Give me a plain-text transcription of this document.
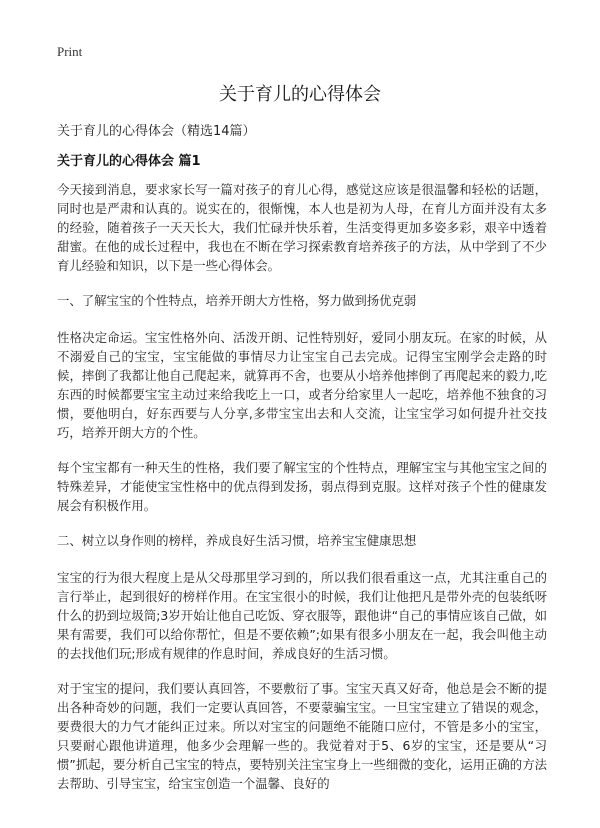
Print
关于育儿的心得体会
关于育儿的心得体会（精选14篇）
关于育儿的心得体会 篇1

今天接到消息，要求家长写一篇对孩子的育儿心得，感觉这应该是很温馨和轻松的话题，同时也是严肃和认真的。说实在的，很惭愧，本人也是初为人母，在育儿方面并没有太多的经验，随着孩子一天天长大，我们忙碌并快乐着，生活变得更加多姿多彩，艰辛中透着甜蜜。在他的成长过程中，我也在不断在学习探索教育培养孩子的方法，从中学到了不少育儿经验和知识，以下是一些心得体会。

一、了解宝宝的个性特点，培养开朗大方性格，努力做到扬优克弱

性格决定命运。宝宝性格外向、活泼开朗、记性特别好，爱同小朋友玩。在家的时候，从不溺爱自己的宝宝，宝宝能做的事情尽力让宝宝自己去完成。记得宝宝刚学会走路的时候，摔倒了我都让他自己爬起来，就算再不舍，也要从小培养他摔倒了再爬起来的毅力,吃东西的时候都要宝宝主动过来给我吃上一口，或者分给家里人一起吃，培养他不独食的习惯，要他明白，好东西要与人分享,多带宝宝出去和人交流，让宝宝学习如何提升社交技巧，培养开朗大方的个性。

每个宝宝都有一种天生的性格，我们要了解宝宝的个性特点，理解宝宝与其他宝宝之间的特殊差异，才能使宝宝性格中的优点得到发扬，弱点得到克服。这样对孩子个性的健康发展会有积极作用。

二、树立以身作则的榜样，养成良好生活习惯，培养宝宝健康思想

宝宝的行为很大程度上是从父母那里学习到的，所以我们很看重这一点，尤其注重自己的言行举止，起到很好的榜样作用。在宝宝很小的时候，我们让他把凡是带外壳的包装纸呀什么的扔到垃圾筒;3岁开始让他自己吃饭、穿衣服等，跟他讲“自己的事情应该自己做，如果有需要，我们可以给你帮忙，但是不要依赖”;如果有很多小朋友在一起，我会叫他主动的去找他们玩;形成有规律的作息时间，养成良好的生活习惯。

对于宝宝的提问，我们要认真回答，不要敷衍了事。宝宝天真又好奇，他总是会不断的提出各种奇妙的问题，我们一定要认真回答，不要蒙骗宝宝。一旦宝宝建立了错误的观念，要费很大的力气才能纠正过来。所以对宝宝的问题绝不能随口应付，不管是多小的宝宝，只要耐心跟他讲道理，他多少会理解一些的。我觉着对于5、6岁的宝宝，还是要从“习惯”抓起，要分析自己宝宝的特点，要特别关注宝宝身上一些细微的变化，运用正确的方法去帮助、引导宝宝，给宝宝创造一个温馨、良好的
